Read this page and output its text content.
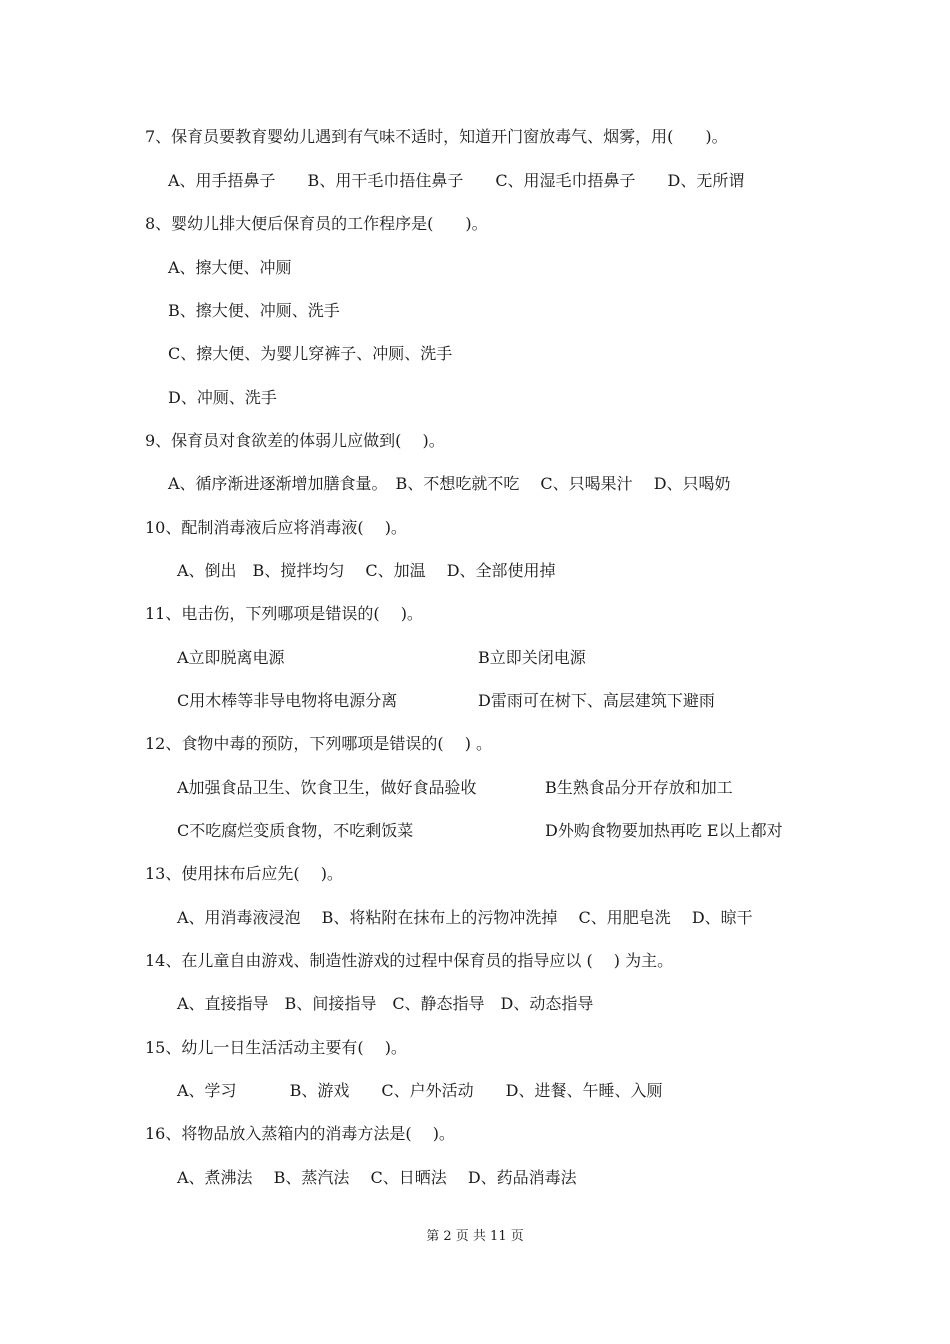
7、保育员要教育婴幼儿遇到有气味不适时，知道开门窗放毒气、烟雾，用(　　)。
A、用手捂鼻子　　B、用干毛巾捂住鼻子　　C、用湿毛巾捂鼻子　　D、无所谓
8、婴幼儿排大便后保育员的工作程序是(　　)。
A、擦大便、冲厕
B、擦大便、冲厕、洗手
C、擦大便、为婴儿穿裤子、冲厕、洗手
D、冲厕、洗手
9、保育员对食欲差的体弱儿应做到(　 )。
A、循序渐进逐渐增加膳食量。　B、不想吃就不吃　 C、只喝果汁　 D、只喝奶
10、配制消毒液后应将消毒液(　 )。
A、倒出　B、搅拌均匀　 C、加温　 D、全部使用掉
11、电击伤，下列哪项是错误的(　 )。
A立即脱离电源	B立即关闭电源
C用木棒等非导电物将电源分离	D雷雨可在树下、高层建筑下避雨
12、食物中毒的预防，下列哪项是错误的(　 ) 。
A加强食品卫生、饮食卫生，做好食品验收	B生熟食品分开存放和加工
C不吃腐烂变质食物，不吃剩饭菜	D外购食物要加热再吃 E以上都对
13、使用抹布后应先(　 )。
A、用消毒液浸泡　 B、将粘附在抹布上的污物冲洗掉　 C、用肥皂洗　 D、晾干
14、在儿童自由游戏、制造性游戏的过程中保育员的指导应以 (　 ) 为主。
A、直接指导　B、间接指导　C、静态指导　D、动态指导
15、幼儿一日生活活动主要有(　 )。
A、学习　　　 B、游戏　　C、户外活动　　D、进餐、午睡、入厕
16、将物品放入蒸箱内的消毒方法是(　 )。
A、煮沸法　 B、蒸汽法　 C、日晒法　 D、药品消毒法
第 2 页 共 11 页
